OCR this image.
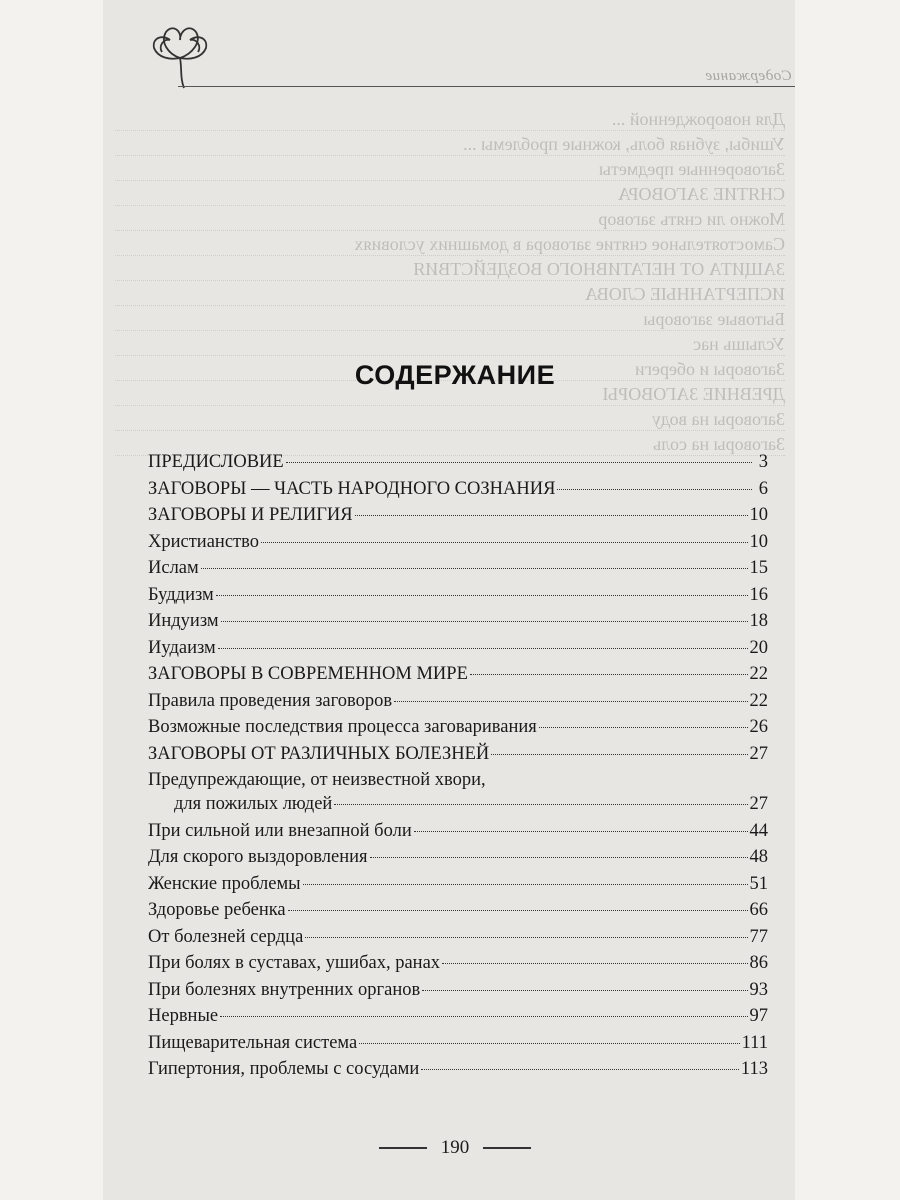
Содержание
Для новорожденной ...
Ушибы, зубная боль, кожные проблемы ...
Заговоренные предметы
СНЯТИЕ ЗАГОВОРА
Можно ли снять заговор
Самостоятельное снятие заговора в домашних условиях
ЗАЩИТА ОТ НЕГАТИВНОГО ВОЗДЕЙСТВИЯ
ИСПЕРТАННЫЕ СЛОВА
Бытовые заговоры
Услышь нас
Заговоры и обереги
ДРЕВНИЕ ЗАГОВОРЫ
Заговоры на воду
Заговоры на соль
СОДЕРЖАНИЕ
ПРЕДИСЛОВИЕ	3
ЗАГОВОРЫ — ЧАСТЬ НАРОДНОГО СОЗНАНИЯ	6
ЗАГОВОРЫ И РЕЛИГИЯ	10
Христианство	10
Ислам	15
Буддизм	16
Индуизм	18
Иудаизм	20
ЗАГОВОРЫ В СОВРЕМЕННОМ МИРЕ	22
Правила проведения заговоров	22
Возможные последствия процесса заговаривания	26
ЗАГОВОРЫ ОТ РАЗЛИЧНЫХ БОЛЕЗНЕЙ	27
Предупреждающие, от неизвестной хвори,
для пожилых людей	27
При сильной или внезапной боли	44
Для скорого выздоровления	48
Женские проблемы	51
Здоровье ребенка	66
От болезней сердца	77
При болях в суставах, ушибах, ранах	86
При болезнях внутренних органов	93
Нервные	97
Пищеварительная система	111
Гипертония, проблемы с сосудами	113
190
